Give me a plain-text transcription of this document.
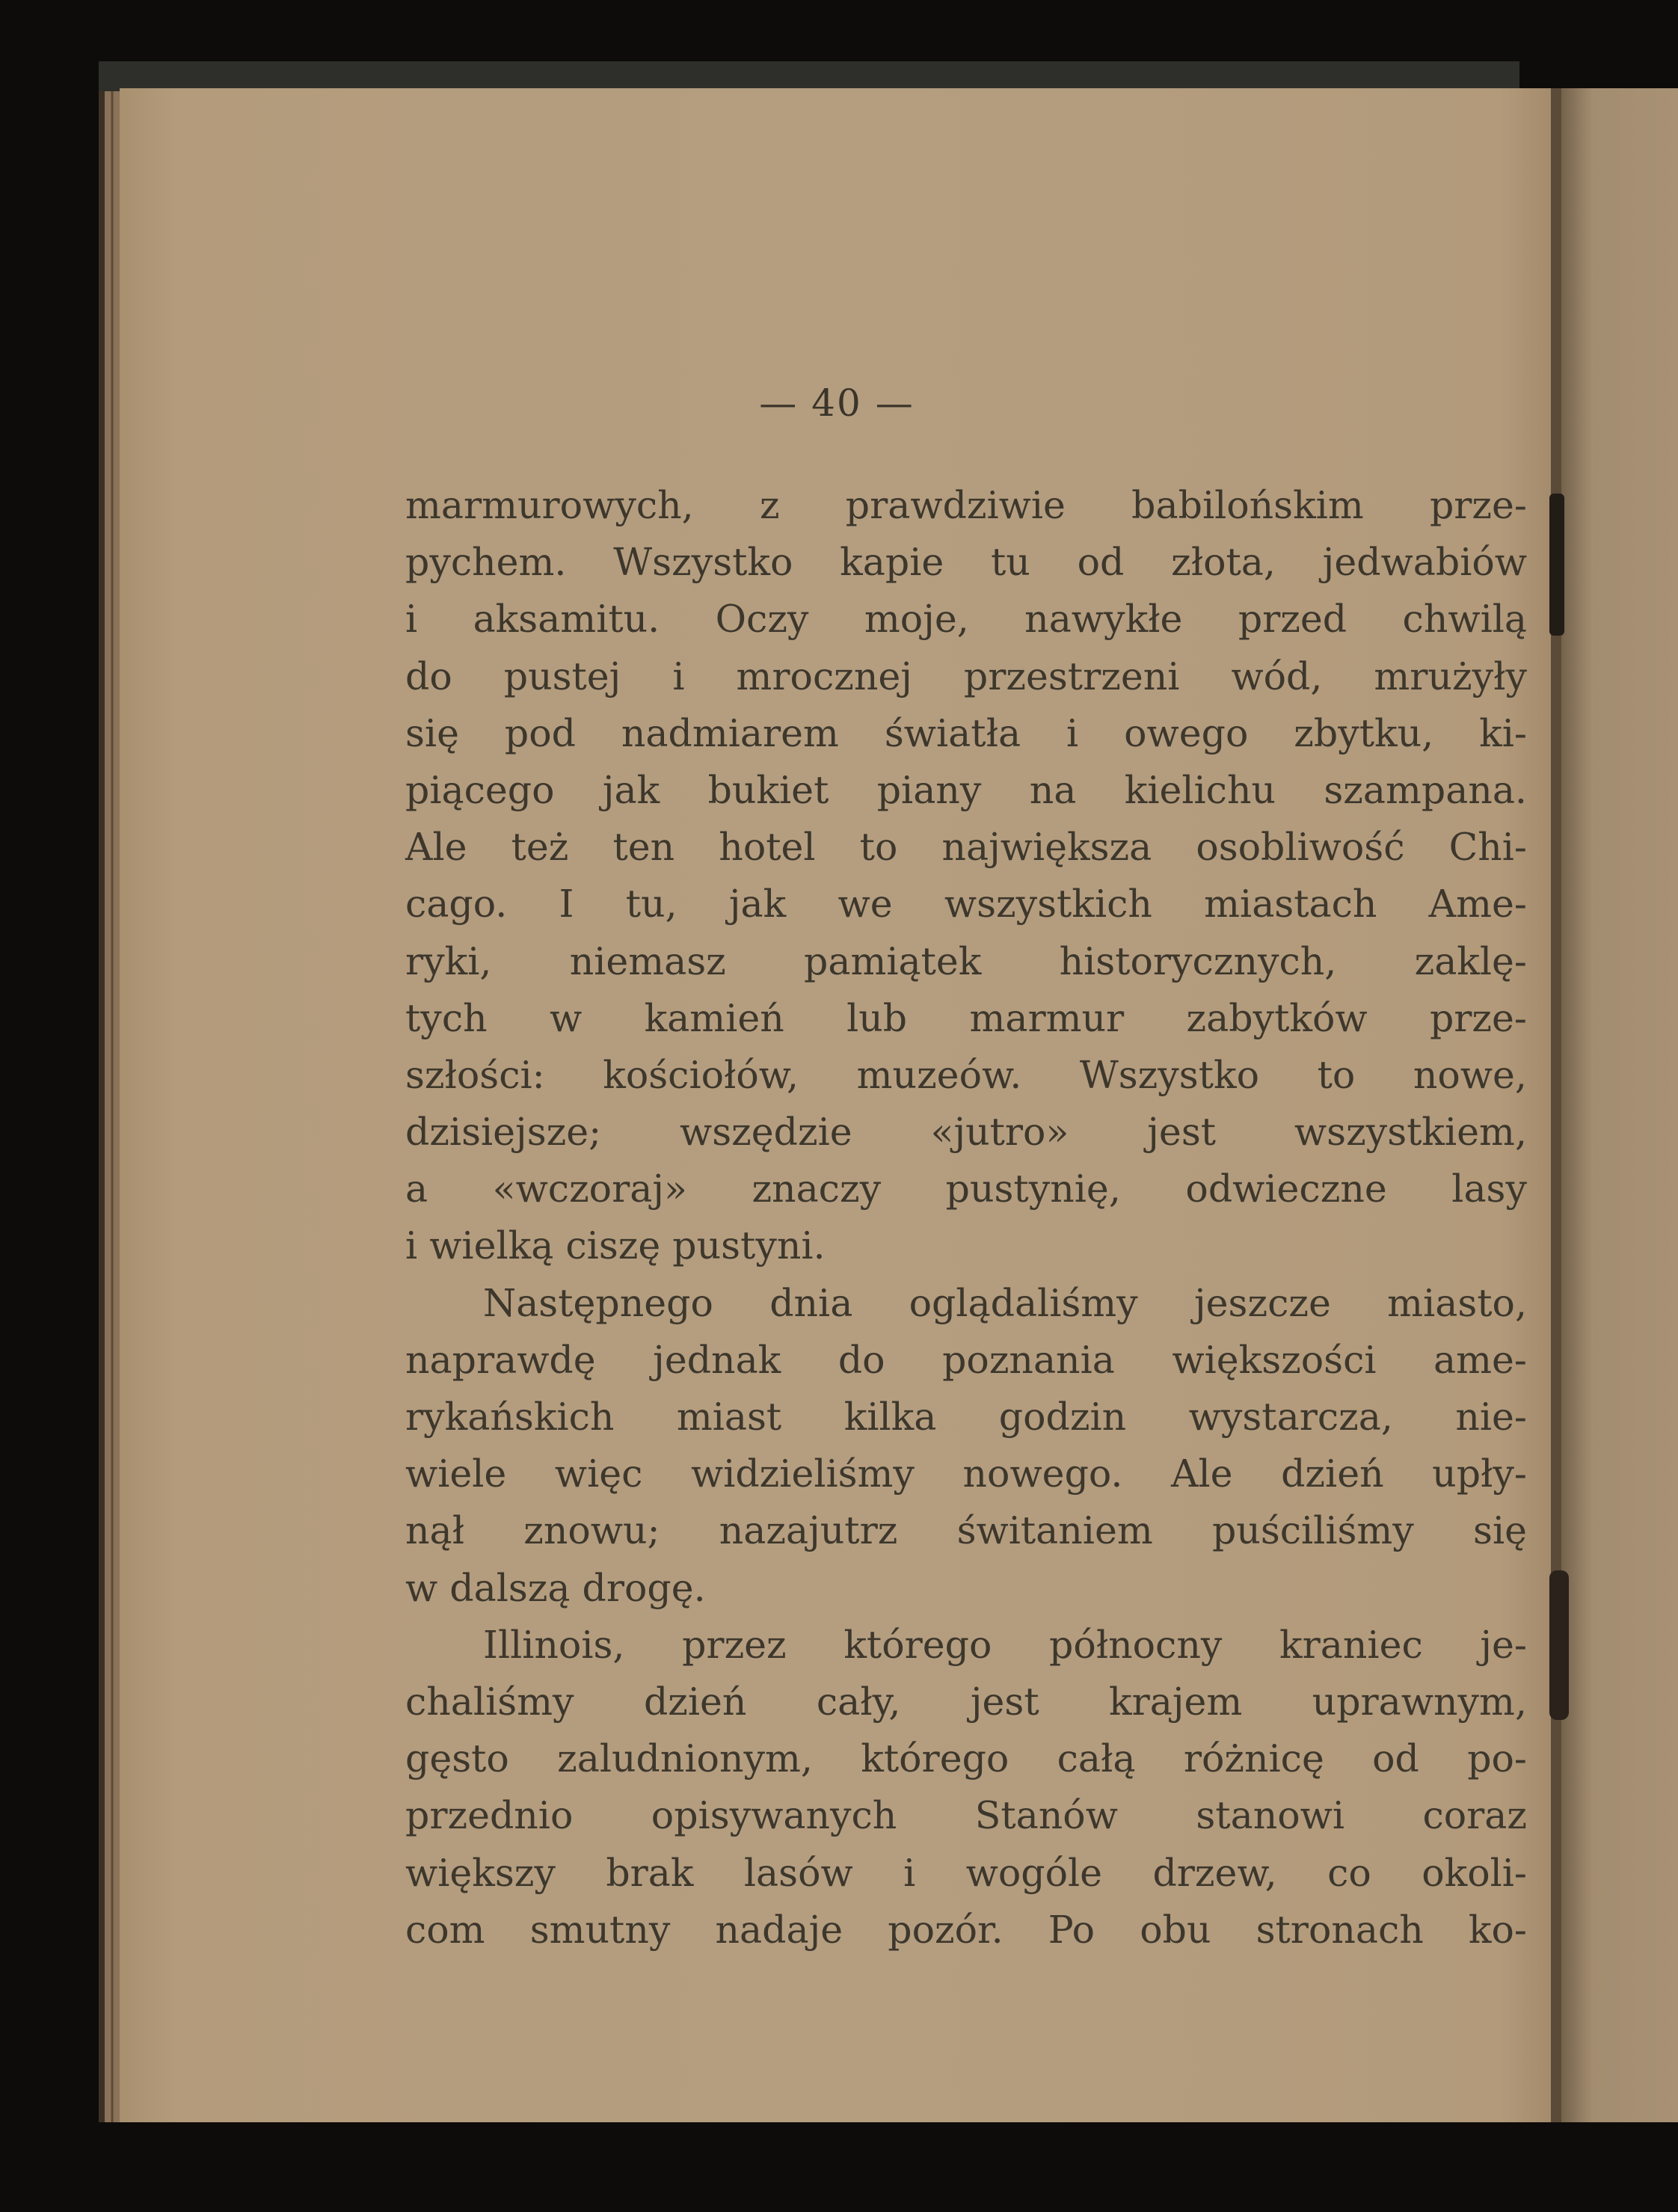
— 40 —
marmurowych, z prawdziwie babilońskim prze-
pychem. Wszystko kapie tu od złota, jedwabiów
i aksamitu. Oczy moje, nawykłe przed chwilą
do pustej i mrocznej przestrzeni wód, mrużyły
się pod nadmiarem światła i owego zbytku, ki-
piącego jak bukiet piany na kielichu szampana.
Ale też ten hotel to największa osobliwość Chi-
cago. I tu, jak we wszystkich miastach Ame-
ryki, niemasz pamiątek historycznych, zaklę-
tych w kamień lub marmur zabytków prze-
szłości: kościołów, muzeów. Wszystko to nowe,
dzisiejsze; wszędzie «jutro» jest wszystkiem,
a «wczoraj» znaczy pustynię, odwieczne lasy
i wielką ciszę pustyni.
Następnego dnia oglądaliśmy jeszcze miasto,
naprawdę jednak do poznania większości ame-
rykańskich miast kilka godzin wystarcza, nie-
wiele więc widzieliśmy nowego. Ale dzień upły-
nął znowu; nazajutrz świtaniem puściliśmy się
w dalszą drogę.
Illinois, przez którego północny kraniec je-
chaliśmy dzień cały, jest krajem uprawnym,
gęsto zaludnionym, którego całą różnicę od po-
przednio opisywanych Stanów stanowi coraz
większy brak lasów i wogóle drzew, co okoli-
com smutny nadaje pozór. Po obu stronach ko-
